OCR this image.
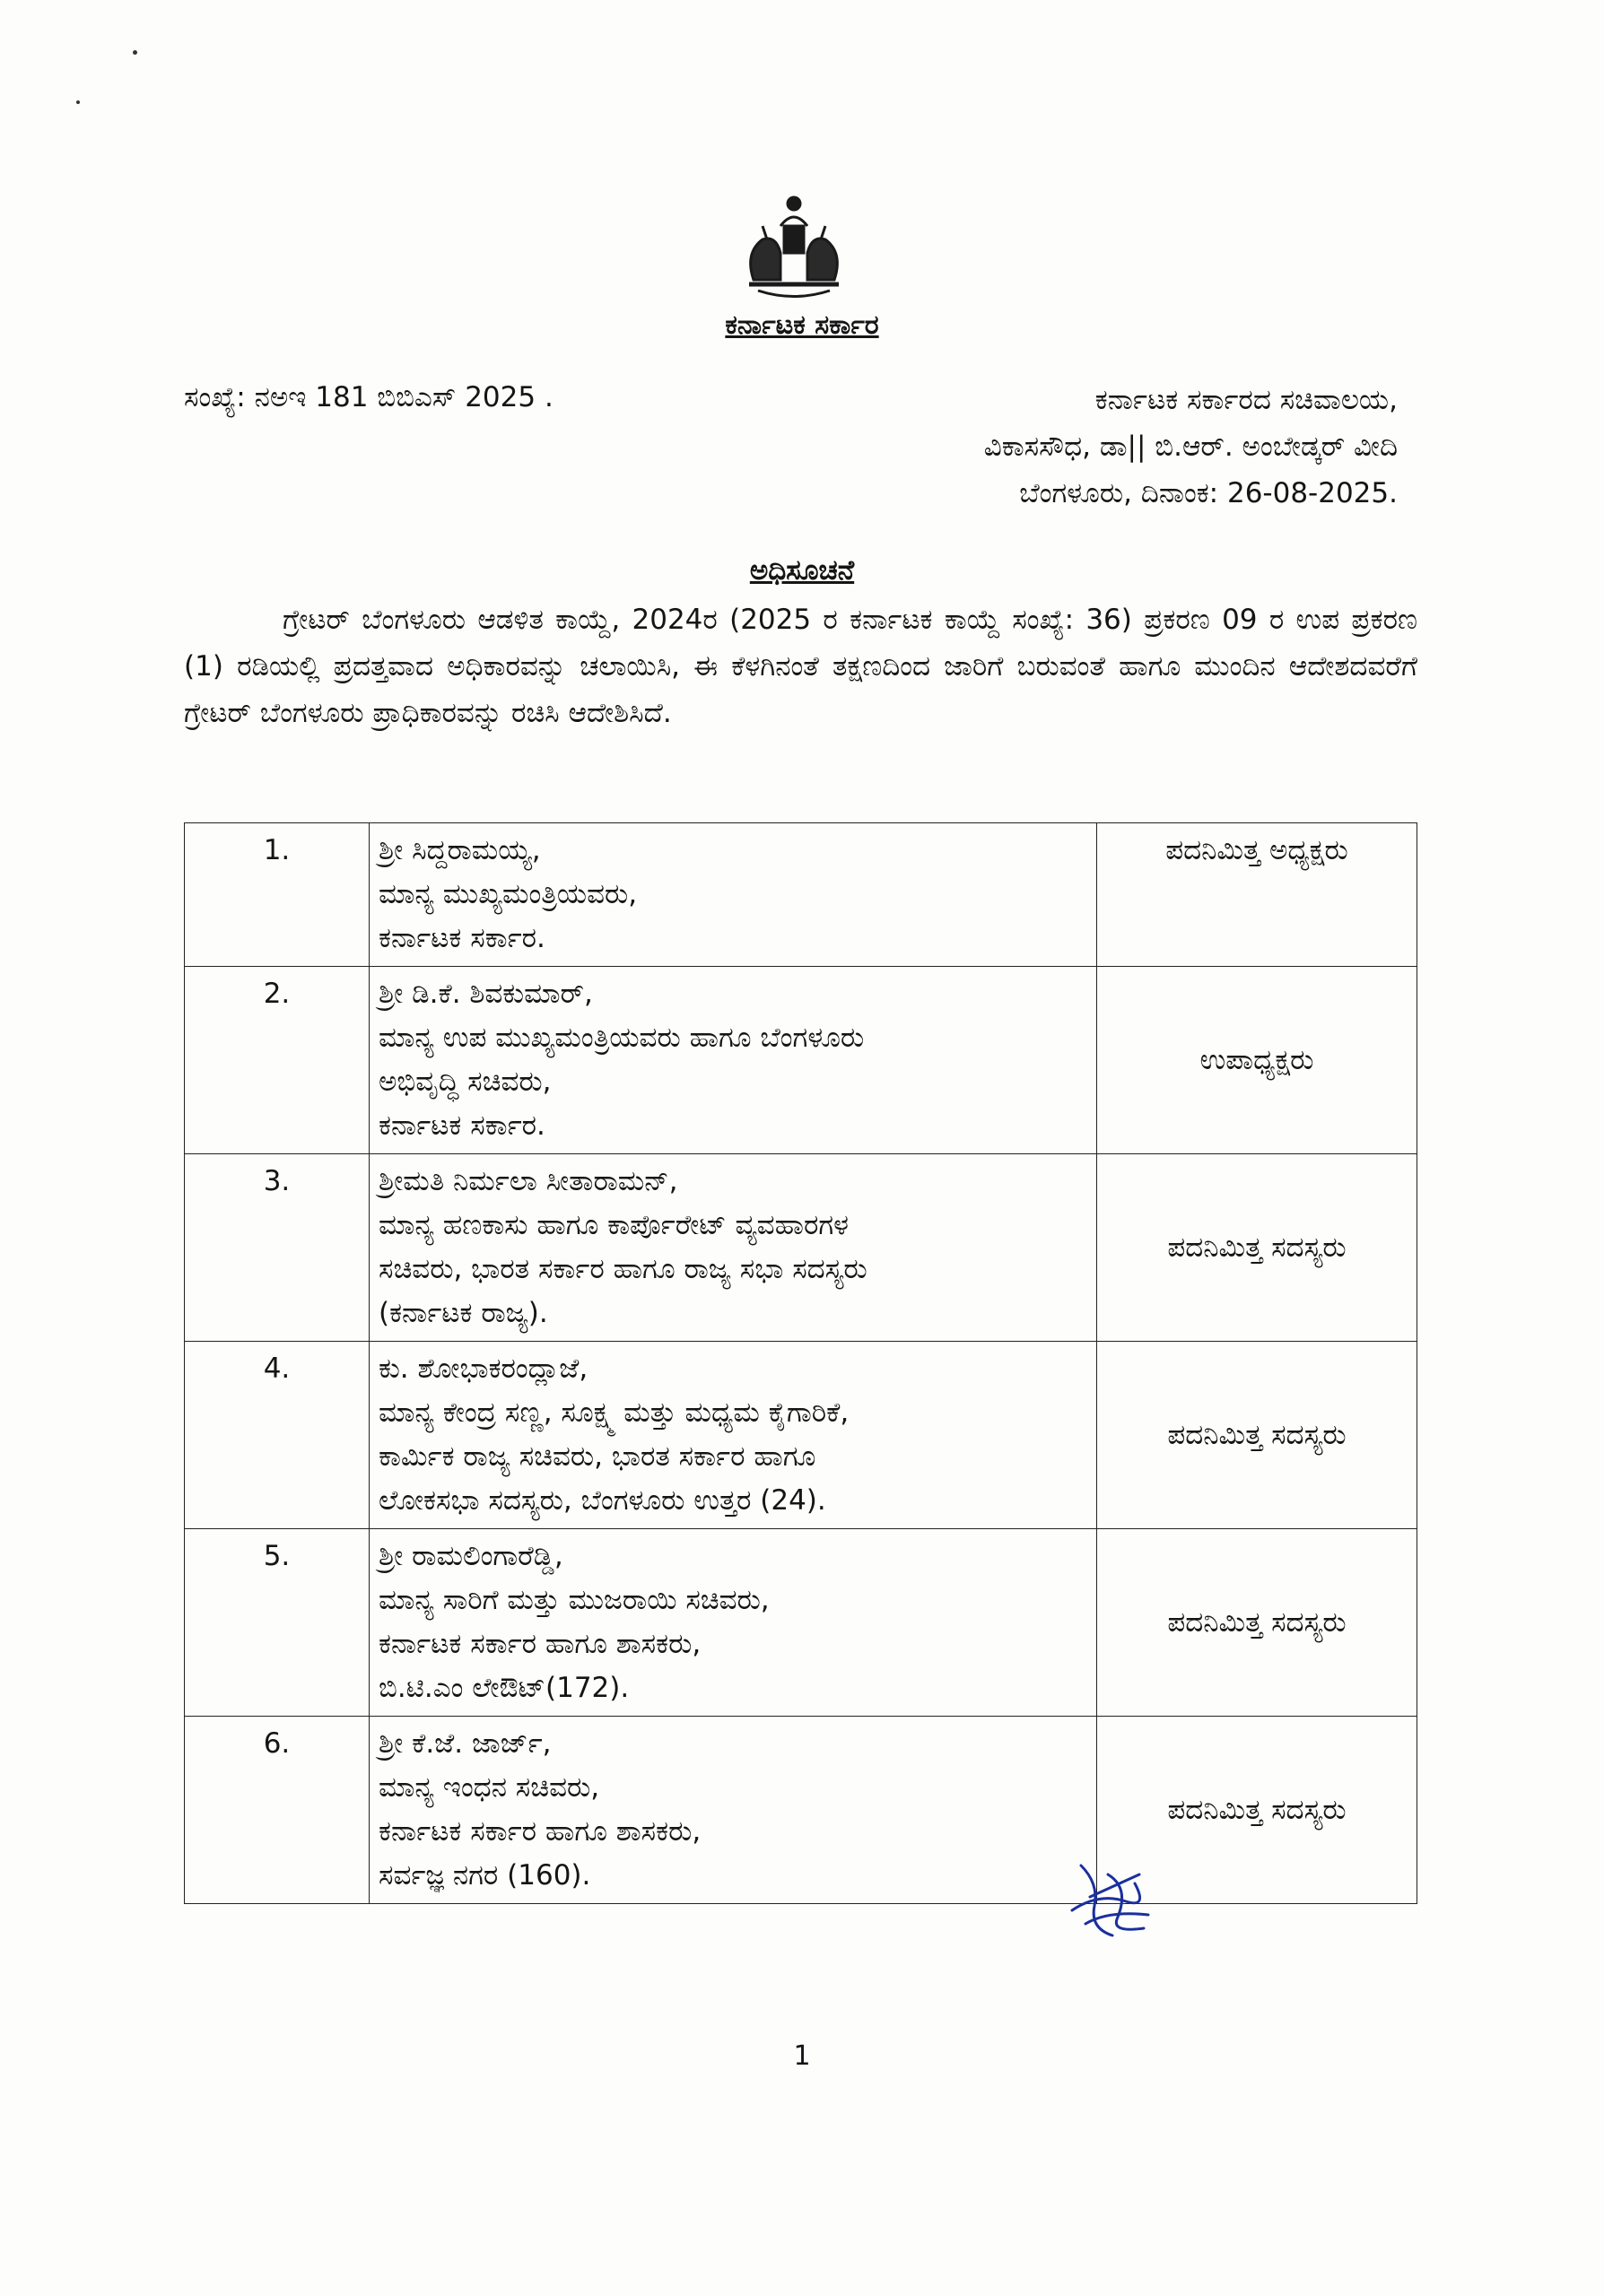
ಕರ್ನಾಟಕ ಸರ್ಕಾರ
ಸಂಖ್ಯೆ: ನಅಇ 181 ಬಿಬಿಎಸ್ 2025 .	ಕರ್ನಾಟಕ ಸರ್ಕಾರದ ಸಚಿವಾಲಯ,
ವಿಕಾಸಸೌಧ, ಡಾ|| ಬಿ.ಆರ್. ಅಂಬೇಡ್ಕರ್ ವೀದಿ
ಬೆಂಗಳೂರು, ದಿನಾಂಕ: 26-08-2025.
ಅಧಿಸೂಚನೆ
ಗ್ರೇಟರ್ ಬೆಂಗಳೂರು ಆಡಳಿತ ಕಾಯ್ದೆ, 2024ರ (2025 ರ ಕರ್ನಾಟಕ ಕಾಯ್ದೆ ಸಂಖ್ಯೆ: 36) ಪ್ರಕರಣ 09 ರ ಉಪ ಪ್ರಕರಣ (1) ರಡಿಯಲ್ಲಿ ಪ್ರದತ್ತವಾದ ಅಧಿಕಾರವನ್ನು ಚಲಾಯಿಸಿ, ಈ ಕೆಳಗಿನಂತೆ ತಕ್ಷಣದಿಂದ ಜಾರಿಗೆ ಬರುವಂತೆ ಹಾಗೂ ಮುಂದಿನ ಆದೇಶದವರೆಗೆ ಗ್ರೇಟರ್ ಬೆಂಗಳೂರು ಪ್ರಾಧಿಕಾರವನ್ನು ರಚಿಸಿ ಆದೇಶಿಸಿದೆ.
1.	ಶ್ರೀ ಸಿದ್ದರಾಮಯ್ಯ,
ಮಾನ್ಯ ಮುಖ್ಯಮಂತ್ರಿಯವರು,
ಕರ್ನಾಟಕ ಸರ್ಕಾರ.	ಪದನಿಮಿತ್ತ ಅಧ್ಯಕ್ಷರು
2.	ಶ್ರೀ ಡಿ.ಕೆ. ಶಿವಕುಮಾರ್,
ಮಾನ್ಯ ಉಪ ಮುಖ್ಯಮಂತ್ರಿಯವರು ಹಾಗೂ ಬೆಂಗಳೂರು
ಅಭಿವೃದ್ಧಿ ಸಚಿವರು,
ಕರ್ನಾಟಕ ಸರ್ಕಾರ.	ಉಪಾಧ್ಯಕ್ಷರು
3.	ಶ್ರೀಮತಿ ನಿರ್ಮಲಾ ಸೀತಾರಾಮನ್,
ಮಾನ್ಯ ಹಣಕಾಸು ಹಾಗೂ ಕಾರ್ಪೊರೇಟ್ ವ್ಯವಹಾರಗಳ
ಸಚಿವರು, ಭಾರತ ಸರ್ಕಾರ ಹಾಗೂ ರಾಜ್ಯ ಸಭಾ ಸದಸ್ಯರು
(ಕರ್ನಾಟಕ ರಾಜ್ಯ).	ಪದನಿಮಿತ್ತ ಸದಸ್ಯರು
4.	ಕು. ಶೋಭಾಕರಂದ್ಲಾಜೆ,
ಮಾನ್ಯ ಕೇಂದ್ರ ಸಣ್ಣ, ಸೂಕ್ಷ್ಮ ಮತ್ತು ಮಧ್ಯಮ ಕೈಗಾರಿಕೆ,
ಕಾರ್ಮಿಕ ರಾಜ್ಯ ಸಚಿವರು, ಭಾರತ ಸರ್ಕಾರ ಹಾಗೂ
ಲೋಕಸಭಾ ಸದಸ್ಯರು, ಬೆಂಗಳೂರು ಉತ್ತರ (24).	ಪದನಿಮಿತ್ತ ಸದಸ್ಯರು
5.	ಶ್ರೀ ರಾಮಲಿಂಗಾರೆಡ್ಡಿ,
ಮಾನ್ಯ ಸಾರಿಗೆ ಮತ್ತು ಮುಜರಾಯಿ ಸಚಿವರು,
ಕರ್ನಾಟಕ ಸರ್ಕಾರ ಹಾಗೂ ಶಾಸಕರು,
ಬಿ.ಟಿ.ಎಂ ಲೇಔಟ್(172).	ಪದನಿಮಿತ್ತ ಸದಸ್ಯರು
6.	ಶ್ರೀ ಕೆ.ಜೆ. ಜಾರ್ಜ್,
ಮಾನ್ಯ ಇಂಧನ ಸಚಿವರು,
ಕರ್ನಾಟಕ ಸರ್ಕಾರ ಹಾಗೂ ಶಾಸಕರು,
ಸರ್ವಜ್ಞ ನಗರ (160).	ಪದನಿಮಿತ್ತ ಸದಸ್ಯರು
1
